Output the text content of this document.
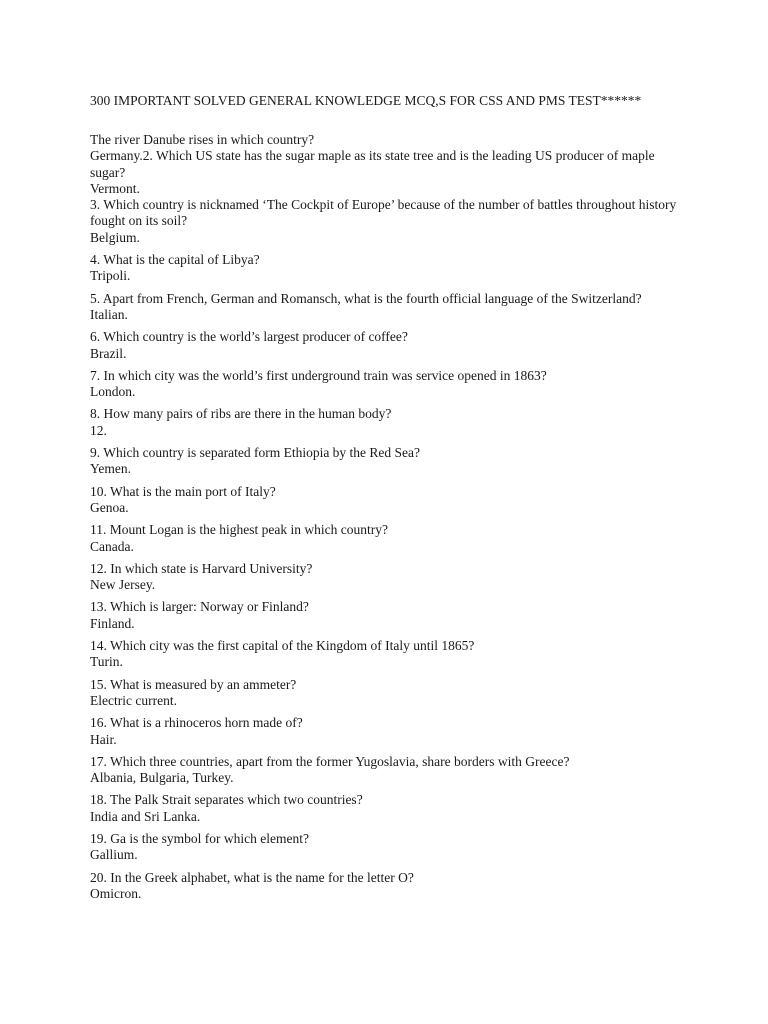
300 IMPORTANT SOLVED GENERAL KNOWLEDGE MCQ,S FOR CSS AND PMS TEST******

The river Danube rises in which country?

Germany.2. Which US state has the sugar maple as its state tree and is the leading US producer of maple sugar?

Vermont.

3. Which country is nicknamed ‘The Cockpit of Europe’ because of the number of battles throughout history fought on its soil?

Belgium.

4. What is the capital of Libya?

Tripoli.

5. Apart from French, German and Romansch, what is the fourth official language of the Switzerland?

Italian.

6. Which country is the world’s largest producer of coffee?

Brazil.

7. In which city was the world’s first underground train was service opened in 1863?

London.

8. How many pairs of ribs are there in the human body?

12.

9. Which country is separated form Ethiopia by the Red Sea?

Yemen.

10. What is the main port of Italy?

Genoa.

11. Mount Logan is the highest peak in which country?

Canada.

12. In which state is Harvard University?

New Jersey.

13. Which is larger: Norway or Finland?

Finland.

14. Which city was the first capital of the Kingdom of Italy until 1865?

Turin.

15. What is measured by an ammeter?

Electric current.

16. What is a rhinoceros horn made of?

Hair.

17. Which three countries, apart from the former Yugoslavia, share borders with Greece?

Albania, Bulgaria, Turkey.

18. The Palk Strait separates which two countries?

India and Sri Lanka.

19. Ga is the symbol for which element?

Gallium.

20. In the Greek alphabet, what is the name for the letter O?

Omicron.
